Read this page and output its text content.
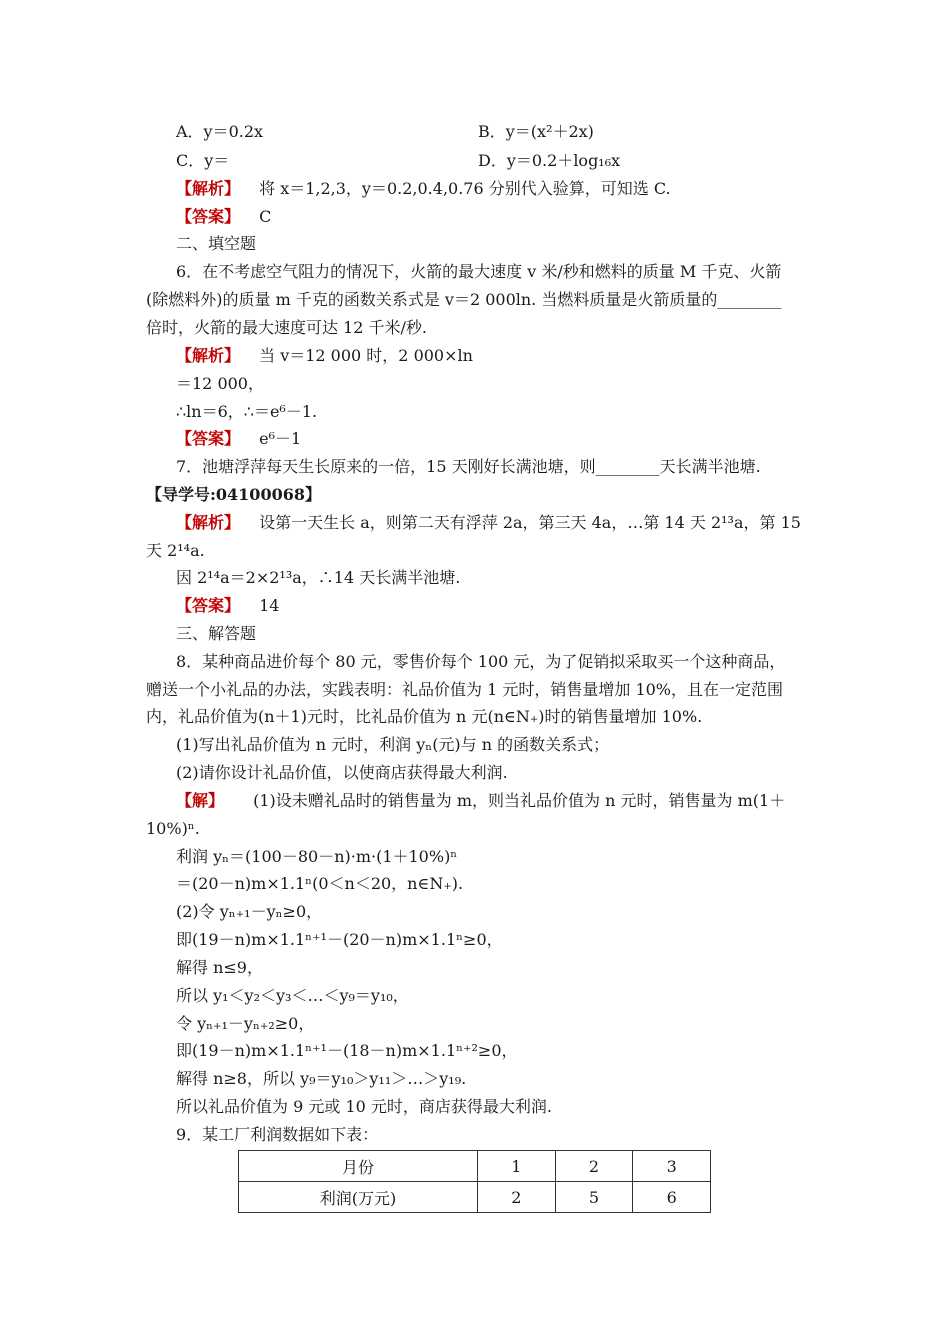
A．y＝0.2x	B．y＝(x²＋2x)
C．y＝	D．y＝0.2＋log₁₆x
【解析】 将 x＝1,2,3，y＝0.2,0.4,0.76 分别代入验算，可知选 C.
【答案】 C
二、填空题
6．在不考虑空气阻力的情况下，火箭的最大速度 v 米/秒和燃料的质量 M 千克、火箭
(除燃料外)的质量 m 千克的函数关系式是 v＝2 000ln. 当燃料质量是火箭质量的________
倍时，火箭的最大速度可达 12 千米/秒.
【解析】 当 v＝12 000 时，2 000×ln
＝12 000，
∴ln＝6，∴＝e⁶－1.
【答案】 e⁶－1
7．池塘浮萍每天生长原来的一倍，15 天刚好长满池塘，则________天长满半池塘.
【导学号:04100068】
【解析】 设第一天生长 a，则第二天有浮萍 2a，第三天 4a，…第 14 天 2¹³a，第 15
天 2¹⁴a.
因 2¹⁴a＝2×2¹³a，∴14 天长满半池塘.
【答案】 14
三、解答题
8．某种商品进价每个 80 元，零售价每个 100 元，为了促销拟采取买一个这种商品，
赠送一个小礼品的办法，实践表明：礼品价值为 1 元时，销售量增加 10%，且在一定范围
内，礼品价值为(n＋1)元时，比礼品价值为 n 元(n∈N₊)时的销售量增加 10%.
(1)写出礼品价值为 n 元时，利润 yₙ(元)与 n 的函数关系式；
(2)请你设计礼品价值，以使商店获得最大利润.
【解】 (1)设未赠礼品时的销售量为 m，则当礼品价值为 n 元时，销售量为 m(1＋
10%)ⁿ.
利润 yₙ＝(100－80－n)·m·(1＋10%)ⁿ
＝(20－n)m×1.1ⁿ(0＜n＜20，n∈N₊).
(2)令 yₙ₊₁－yₙ≥0，
即(19－n)m×1.1ⁿ⁺¹－(20－n)m×1.1ⁿ≥0，
解得 n≤9，
所以 y₁＜y₂＜y₃＜…＜y₉＝y₁₀，
令 yₙ₊₁－yₙ₊₂≥0，
即(19－n)m×1.1ⁿ⁺¹－(18－n)m×1.1ⁿ⁺²≥0，
解得 n≥8，所以 y₉＝y₁₀＞y₁₁＞…＞y₁₉.
所以礼品价值为 9 元或 10 元时，商店获得最大利润.
9．某工厂利润数据如下表：
月份	1	2	3
利润(万元)	2	5	6
